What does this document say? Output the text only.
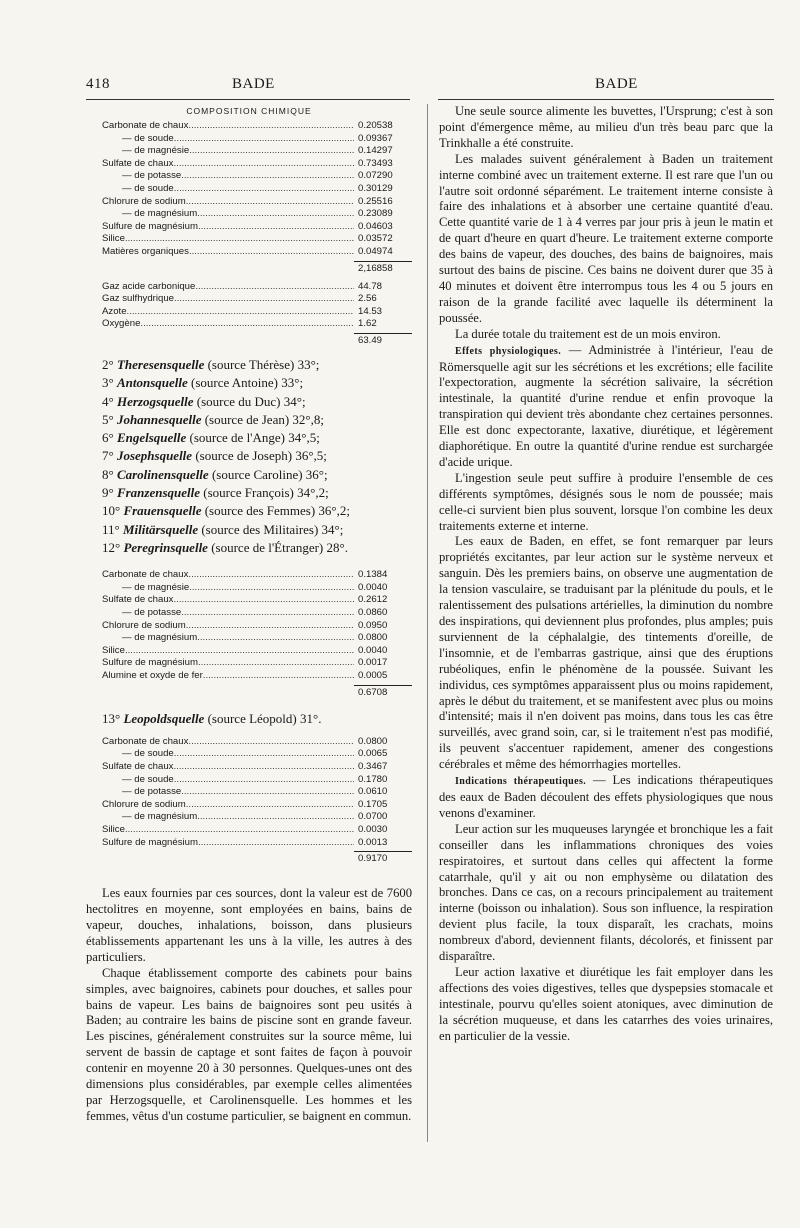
418	BADE	BADE
COMPOSITION CHIMIQUE
Carbonate de chaux .....	0.20538
— de soude .....	0.09367
— de magnésie .....	0.14297
Sulfate de chaux .....	0.73493
— de potasse .....	0.07290
— de soude .....	0.30129
Chlorure de sodium .....	0.25516
— de magnésium .....	0.23089
Sulfure de magnésium .....	0.04603
Silice .....	0.03572
Matières organiques .....	0.04974
2,16858
Gaz acide carbonique .....	44.78
Gaz sulfhydrique .....	2.56
Azote .....	14.53
Oxygène .....	1.62
63.49
2° Theresensquelle (source Thérèse) 33°;
3° Antonsquelle (source Antoine) 33°;
4° Herzogsquelle (source du Duc) 34°;
5° Johannesquelle (source de Jean) 32°,8;
6° Engelsquelle (source de l'Ange) 34°,5;
7° Josephsquelle (source de Joseph) 36°,5;
8° Carolinensquelle (source Caroline) 36°;
9° Franzensquelle (source François) 34°,2;
10° Frauensquelle (source des Femmes) 36°,2;
11° Militärsquelle (source des Militaires) 34°;
12° Peregrinsquelle (source de l'Étranger) 28°.
Carbonate de chaux .....	0.1384
— de magnésie .....	0.0040
Sulfate de chaux .....	0.2612
— de potasse .....	0.0860
Chlorure de sodium .....	0.0950
— de magnésium .....	0.0800
Silice .....	0.0040
Sulfure de magnésium .....	0.0017
Alumine et oxyde de fer .....	0.0005
0.6708
13° Leopoldsquelle (source Léopold) 31°.
Carbonate de chaux .....	0.0800
— de soude .....	0.0065
Sulfate de chaux .....	0.3467
— de soude .....	0.1780
— de potasse .....	0.0610
Chlorure de sodium .....	0.1705
— de magnésium .....	0.0700
Silice .....	0.0030
Sulfure de magnésium .....	0.0013
0.9170

Les eaux fournies par ces sources, dont la valeur est de 7600 hectolitres en moyenne, sont employées en bains, bains de vapeur, douches, inhalations, boisson, dans plusieurs établissements appartenant les uns à la ville, les autres à des particuliers.

Chaque établissement comporte des cabinets pour bains simples, avec baignoires, cabinets pour douches, et salles pour bains de vapeur. Les bains de baignoires sont peu usités à Baden; au contraire les bains de piscine sont en grande faveur. Les piscines, généralement construites sur la source même, lui servent de bassin de captage et sont faites de façon à pouvoir contenir en moyenne 20 à 30 personnes. Quelques-unes ont des dimensions plus considérables, par exemple celles alimentées par Herzogsquelle, et Carolinensquelle. Les hommes et les femmes, vêtus d'un costume particulier, se baignent en commun.

Une seule source alimente les buvettes, l'Ursprung; c'est à son point d'émergence même, au milieu d'un très beau parc que la Trinkhalle a été construite.

Les malades suivent généralement à Baden un traitement interne combiné avec un traitement externe. Il est rare que l'un ou l'autre soit ordonné séparément. Le traitement interne consiste à faire des inhalations et à absorber une certaine quantité d'eau. Cette quantité varie de 1 à 4 verres par jour pris à jeun le matin et de quart d'heure en quart d'heure. Le traitement externe comporte des bains de vapeur, des douches, des bains de baignoires, mais surtout des bains de piscine. Ces bains ne doivent durer que 35 à 40 minutes et doivent être interrompus tous les 4 ou 5 jours en raison de la grande facilité avec laquelle ils déterminent la poussée.

La durée totale du traitement est de un mois environ.

Effets physiologiques. — Administrée à l'intérieur, l'eau de Römersquelle agit sur les sécrétions et les excrétions; elle facilite l'expectoration, augmente la sécrétion salivaire, la sécrétion intestinale, la quantité d'urine rendue et enfin provoque la transpiration qui devient très abondante chez certaines personnes. Elle est donc expectorante, laxative, diurétique, et légèrement diaphorétique. En outre la quantité d'urine rendue est surchargée d'acide urique.

L'ingestion seule peut suffire à produire l'ensemble de ces différents symptômes, désignés sous le nom de poussée; mais celle-ci survient bien plus souvent, lorsque l'on combine les deux traitements externe et interne.

Les eaux de Baden, en effet, se font remarquer par leurs propriétés excitantes, par leur action sur le système nerveux et sanguin. Dès les premiers bains, on observe une augmentation de la tension vasculaire, se traduisant par la plénitude du pouls, et le ralentissement des pulsations artérielles, la diminution du nombre des inspirations, qui deviennent plus profondes, plus amples; puis surviennent de la céphalalgie, des tintements d'oreille, de l'insomnie, et de l'embarras gastrique, ainsi que des éruptions rubéoliques, enfin le phénomène de la poussée. Suivant les individus, ces symptômes apparaissent plus ou moins rapidement, après le début du traitement, et se manifestent avec plus ou moins d'intensité; mais il n'en doivent pas moins, dans tous les cas être surveillés, avec grand soin, car, si le traitement n'est pas modifié, ils peuvent s'accentuer rapidement, amener des congestions cérébrales et même des hémorrhagies mortelles.

Indications thérapeutiques. — Les indications thérapeutiques des eaux de Baden découlent des effets physiologiques que nous venons d'examiner.

Leur action sur les muqueuses laryngée et bronchique les a fait conseiller dans les inflammations chroniques des voies respiratoires, et surtout dans celles qui affectent la forme catarrhale, qu'il y ait ou non emphysème ou dilatation des bronches. Dans ce cas, on a recours principalement au traitement interne (boisson ou inhalation). Sous son influence, la respiration devient plus facile, la toux disparaît, les crachats, moins nombreux d'abord, deviennent filants, décolorés, et finissent par disparaître.

Leur action laxative et diurétique les fait employer dans les affections des voies digestives, telles que dyspepsies stomacale et intestinale, pourvu qu'elles soient atoniques, avec diminution de la sécrétion muqueuse, et dans les catarrhes des voies urinaires, en particulier de la vessie.
